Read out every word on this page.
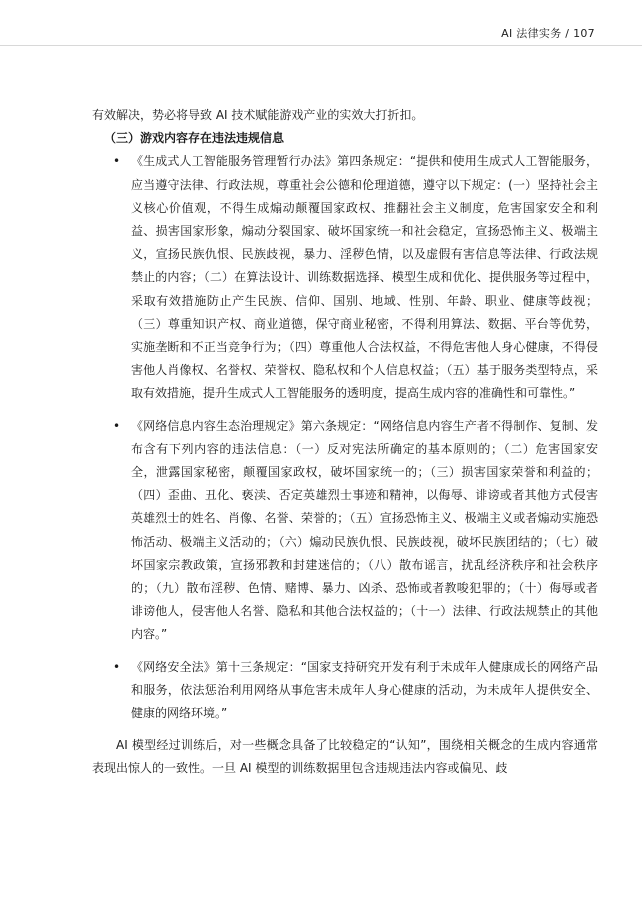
AI 法律实务 / 107

有效解决，势必将导致 AI 技术赋能游戏产业的实效大打折扣。

（三）游戏内容存在违法违规信息

• 《生成式人工智能服务管理暂行办法》第四条规定：“提供和使用生成式人工智能服务，应当遵守法律、行政法规，尊重社会公德和伦理道德，遵守以下规定：(一）坚持社会主义核心价值观，不得生成煽动颠覆国家政权、推翻社会主义制度，危害国家安全和利益、损害国家形象，煽动分裂国家、破坏国家统一和社会稳定，宣扬恐怖主义、极端主义，宣扬民族仇恨、民族歧视，暴力、淫秽色情，以及虚假有害信息等法律、行政法规禁止的内容；（二）在算法设计、训练数据选择、模型生成和优化、提供服务等过程中，采取有效措施防止产生民族、信仰、国别、地域、性别、年龄、职业、健康等歧视；（三）尊重知识产权、商业道德，保守商业秘密，不得利用算法、数据、平台等优势，实施垄断和不正当竞争行为；（四）尊重他人合法权益，不得危害他人身心健康，不得侵害他人肖像权、名誉权、荣誉权、隐私权和个人信息权益；（五）基于服务类型特点，采取有效措施，提升生成式人工智能服务的透明度，提高生成内容的准确性和可靠性。”

• 《网络信息内容生态治理规定》第六条规定：“网络信息内容生产者不得制作、复制、发布含有下列内容的违法信息：（一）反对宪法所确定的基本原则的；（二）危害国家安全，泄露国家秘密，颠覆国家政权，破坏国家统一的；（三）损害国家荣誉和利益的；（四）歪曲、丑化、亵渎、否定英雄烈士事迹和精神，以侮辱、诽谤或者其他方式侵害英雄烈士的姓名、肖像、名誉、荣誉的；（五）宣扬恐怖主义、极端主义或者煽动实施恐怖活动、极端主义活动的；（六）煽动民族仇恨、民族歧视，破坏民族团结的；（七）破坏国家宗教政策，宣扬邪教和封建迷信的；（八）散布谣言，扰乱经济秩序和社会秩序的；（九）散布淫秽、色情、赌博、暴力、凶杀、恐怖或者教唆犯罪的；（十）侮辱或者诽谤他人，侵害他人名誉、隐私和其他合法权益的；（十一）法律、行政法规禁止的其他内容。”

• 《网络安全法》第十三条规定：“国家支持研究开发有利于未成年人健康成长的网络产品和服务，依法惩治利用网络从事危害未成年人身心健康的活动，为未成年人提供安全、健康的网络环境。”

AI 模型经过训练后，对一些概念具备了比较稳定的“认知”，围绕相关概念的生成内容通常表现出惊人的一致性。一旦 AI 模型的训练数据里包含违规违法内容或偏见、歧
